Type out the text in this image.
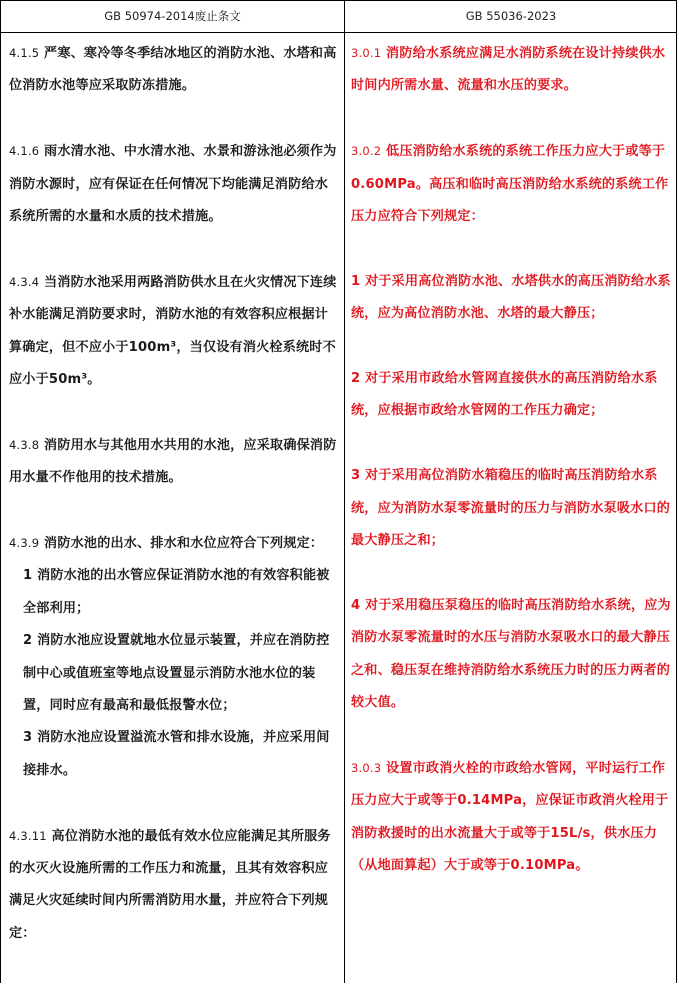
GB 50974-2014废止条文	GB 55036-2023

4.1.5 严寒、寒冷等冬季结冰地区的消防水池、水塔和高位消防水池等应采取防冻措施。

4.1.6 雨水清水池、中水清水池、水景和游泳池必须作为消防水源时，应有保证在任何情况下均能满足消防给水系统所需的水量和水质的技术措施。

4.3.4 当消防水池采用两路消防供水且在火灾情况下连续补水能满足消防要求时，消防水池的有效容积应根据计算确定，但不应小于100m³，当仅设有消火栓系统时不应小于50m³。

4.3.8 消防用水与其他用水共用的水池，应采取确保消防用水量不作他用的技术措施。

4.3.9 消防水池的出水、排水和水位应符合下列规定：

1 消防水池的出水管应保证消防水池的有效容积能被全部利用；

2 消防水池应设置就地水位显示装置，并应在消防控制中心或值班室等地点设置显示消防水池水位的装置，同时应有最高和最低报警水位；

3 消防水池应设置溢流水管和排水设施，并应采用间接排水。

4.3.11 高位消防水池的最低有效水位应能满足其所服务的水灭火设施所需的工作压力和流量，且其有效容积应满足火灾延续时间内所需消防用水量，并应符合下列规定：

3.0.1 消防给水系统应满足水消防系统在设计持续供水时间内所需水量、流量和水压的要求。

3.0.2 低压消防给水系统的系统工作压力应大于或等于0.60MPa。高压和临时高压消防给水系统的系统工作压力应符合下列规定：

1 对于采用高位消防水池、水塔供水的高压消防给水系统，应为高位消防水池、水塔的最大静压；

2 对于采用市政给水管网直接供水的高压消防给水系统，应根据市政给水管网的工作压力确定；

3 对于采用高位消防水箱稳压的临时高压消防给水系统，应为消防水泵零流量时的压力与消防水泵吸水口的最大静压之和；

4 对于采用稳压泵稳压的临时高压消防给水系统，应为消防水泵零流量时的水压与消防水泵吸水口的最大静压之和、稳压泵在维持消防给水系统压力时的压力两者的较大值。

3.0.3 设置市政消火栓的市政给水管网，平时运行工作压力应大于或等于0.14MPa，应保证市政消火栓用于消防救援时的出水流量大于或等于15L/s，供水压力（从地面算起）大于或等于0.10MPa。
